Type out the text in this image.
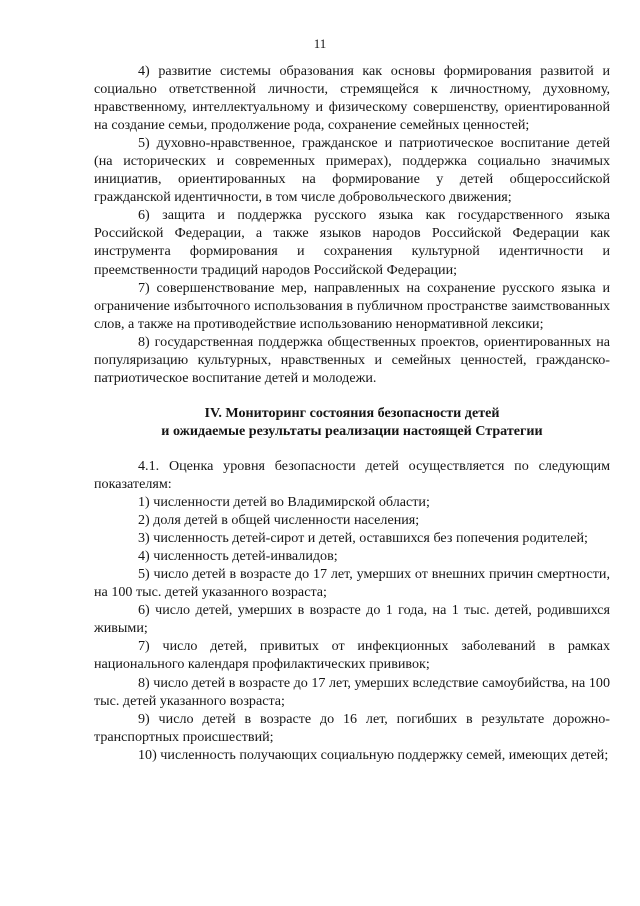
11

4) развитие системы образования как основы формирования развитой и социально ответственной личности, стремящейся к личностному, духовному, нравственному, интеллектуальному и физическому совершенству, ориентированной на создание семьи, продолжение рода, сохранение семейных ценностей;

5) духовно-нравственное, гражданское и патриотическое воспитание детей (на исторических и современных примерах), поддержка социально значимых инициатив, ориентированных на формирование у детей общероссийской гражданской идентичности, в том числе добровольческого движения;

6) защита и поддержка русского языка как государственного языка Российской Федерации, а также языков народов Российской Федерации как инструмента формирования и сохранения культурной идентичности и преемственности традиций народов Российской Федерации;

7) совершенствование мер, направленных на сохранение русского языка и ограничение избыточного использования в публичном пространстве заимствованных слов, а также на противодействие использованию ненормативной лексики;

8) государственная поддержка общественных проектов, ориентированных на популяризацию культурных, нравственных и семейных ценностей, гражданско-патриотическое воспитание детей и молодежи.

IV. Мониторинг состояния безопасности детей
и ожидаемые результаты реализации настоящей Стратегии

4.1. Оценка уровня безопасности детей осуществляется по следующим показателям:

1) численности детей во Владимирской области;

2) доля детей в общей численности населения;

3) численность детей-сирот и детей, оставшихся без попечения родителей;

4) численность детей-инвалидов;

5) число детей в возрасте до 17 лет, умерших от внешних причин смертности, на 100 тыс. детей указанного возраста;

6) число детей, умерших в возрасте до 1 года, на 1 тыс. детей, родившихся живыми;

7) число детей, привитых от инфекционных заболеваний в рамках национального календаря профилактических прививок;

8) число детей в возрасте до 17 лет, умерших вследствие самоубийства, на 100 тыс. детей указанного возраста;

9) число детей в возрасте до 16 лет, погибших в результате дорожно-транспортных происшествий;

10) численность получающих социальную поддержку семей, имеющих детей;
